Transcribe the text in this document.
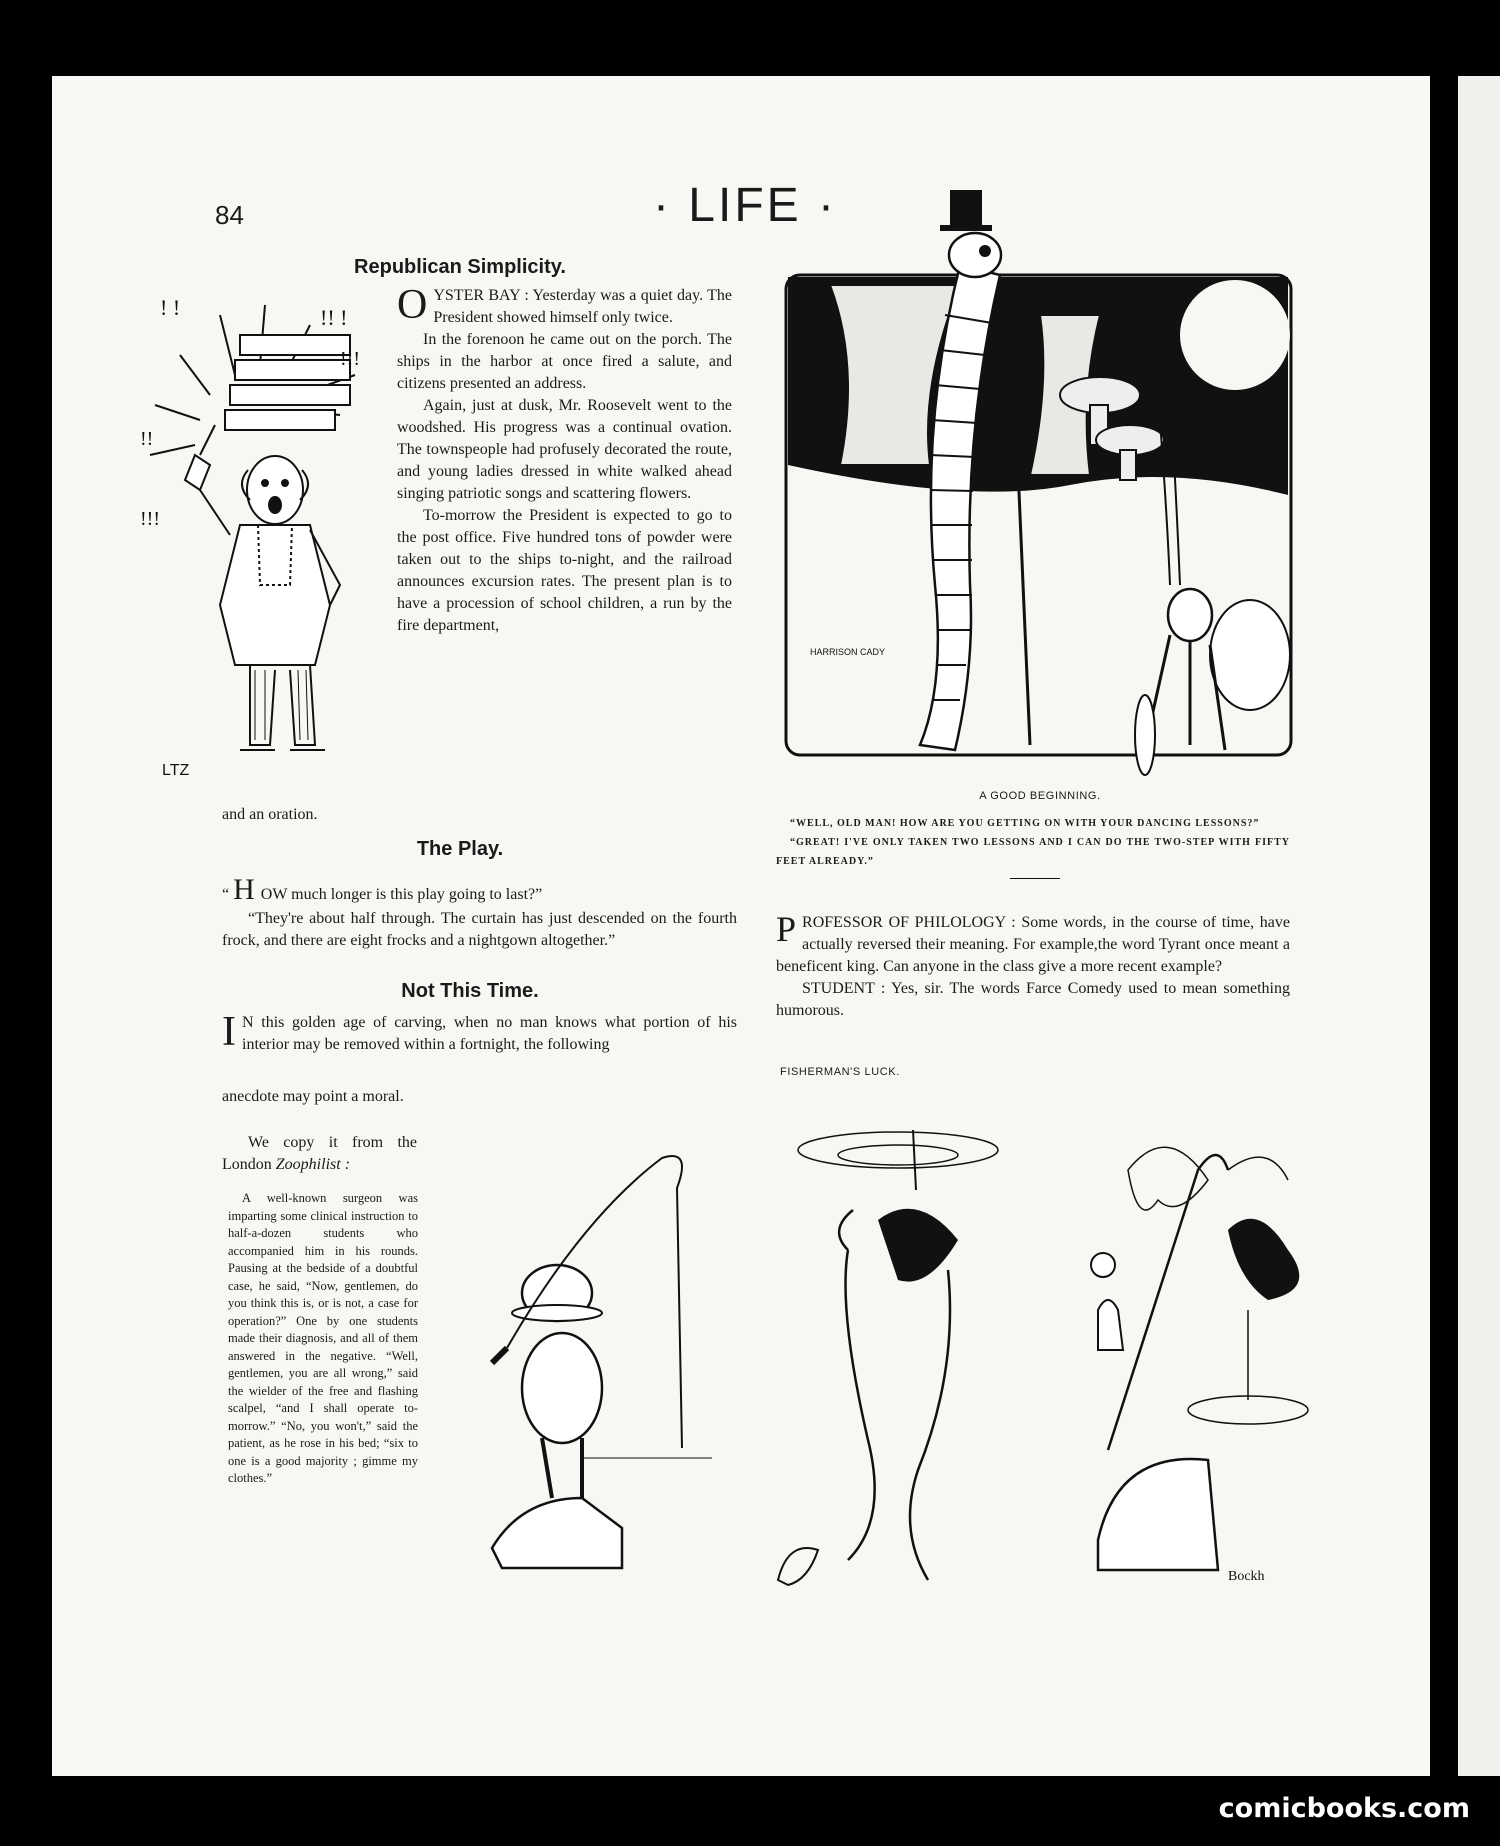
84	· LIFE ·
Republican Simplicity.
! !	!! !
!!
!!!
!!!
LTZ

OYSTER BAY : Yesterday was a quiet day. The President showed himself only twice.

In the forenoon he came out on the porch. The ships in the harbor at once fired a salute, and citizens presented an address.

Again, just at dusk, Mr. Roosevelt went to the woodshed. His progress was a continual ovation. The townspeople had profusely decorated the route, and young ladies dressed in white walked ahead singing patriotic songs and scattering flowers.

To-morrow the President is expected to go to the post office. Five hundred tons of powder were taken out to the ships to-night, and the railroad announces excursion rates. The present plan is to have a procession of school children, a run by the fire department,

and an oration.
The Play.

“ H OW much longer is this play going to last?”

“They're about half through. The curtain has just descended on the fourth frock, and there are eight frocks and a nightgown altogether.”

Not This Time.

I N this golden age of carving, when no man knows what portion of his interior may be removed within a fortnight, the following

anecdote may point a moral.

We copy it from the London Zoophilist :

A well-known surgeon was imparting some clinical instruction to half-a-dozen students who accompanied him in his rounds. Pausing at the bedside of a doubtful case, he said, “Now, gentlemen, do you think this is, or is not, a case for operation?” One by one students made their diagnosis, and all of them answered in the negative. “Well, gentlemen, you are all wrong,” said the wielder of the free and flashing scalpel, “and I shall operate to-morrow.” “No, you won't,” said the patient, as he rose in his bed; “six to one is a good majority ; gimme my clothes.”

HARRISON CADY
A GOOD BEGINNING.

“WELL, OLD MAN! HOW ARE YOU GETTING ON WITH YOUR DANCING LESSONS?”

“GREAT! I'VE ONLY TAKEN TWO LESSONS AND I CAN DO THE TWO-STEP WITH FIFTY FEET ALREADY.”

PROFESSOR OF PHILOLOGY : Some words, in the course of time, have actually reversed their meaning. For example,the word Tyrant once meant a beneficent king. Can anyone in the class give a more recent example?

STUDENT : Yes, sir. The words Farce Comedy used to mean something humorous.

FISHERMAN'S LUCK.
Bockh
comicbooks.com
